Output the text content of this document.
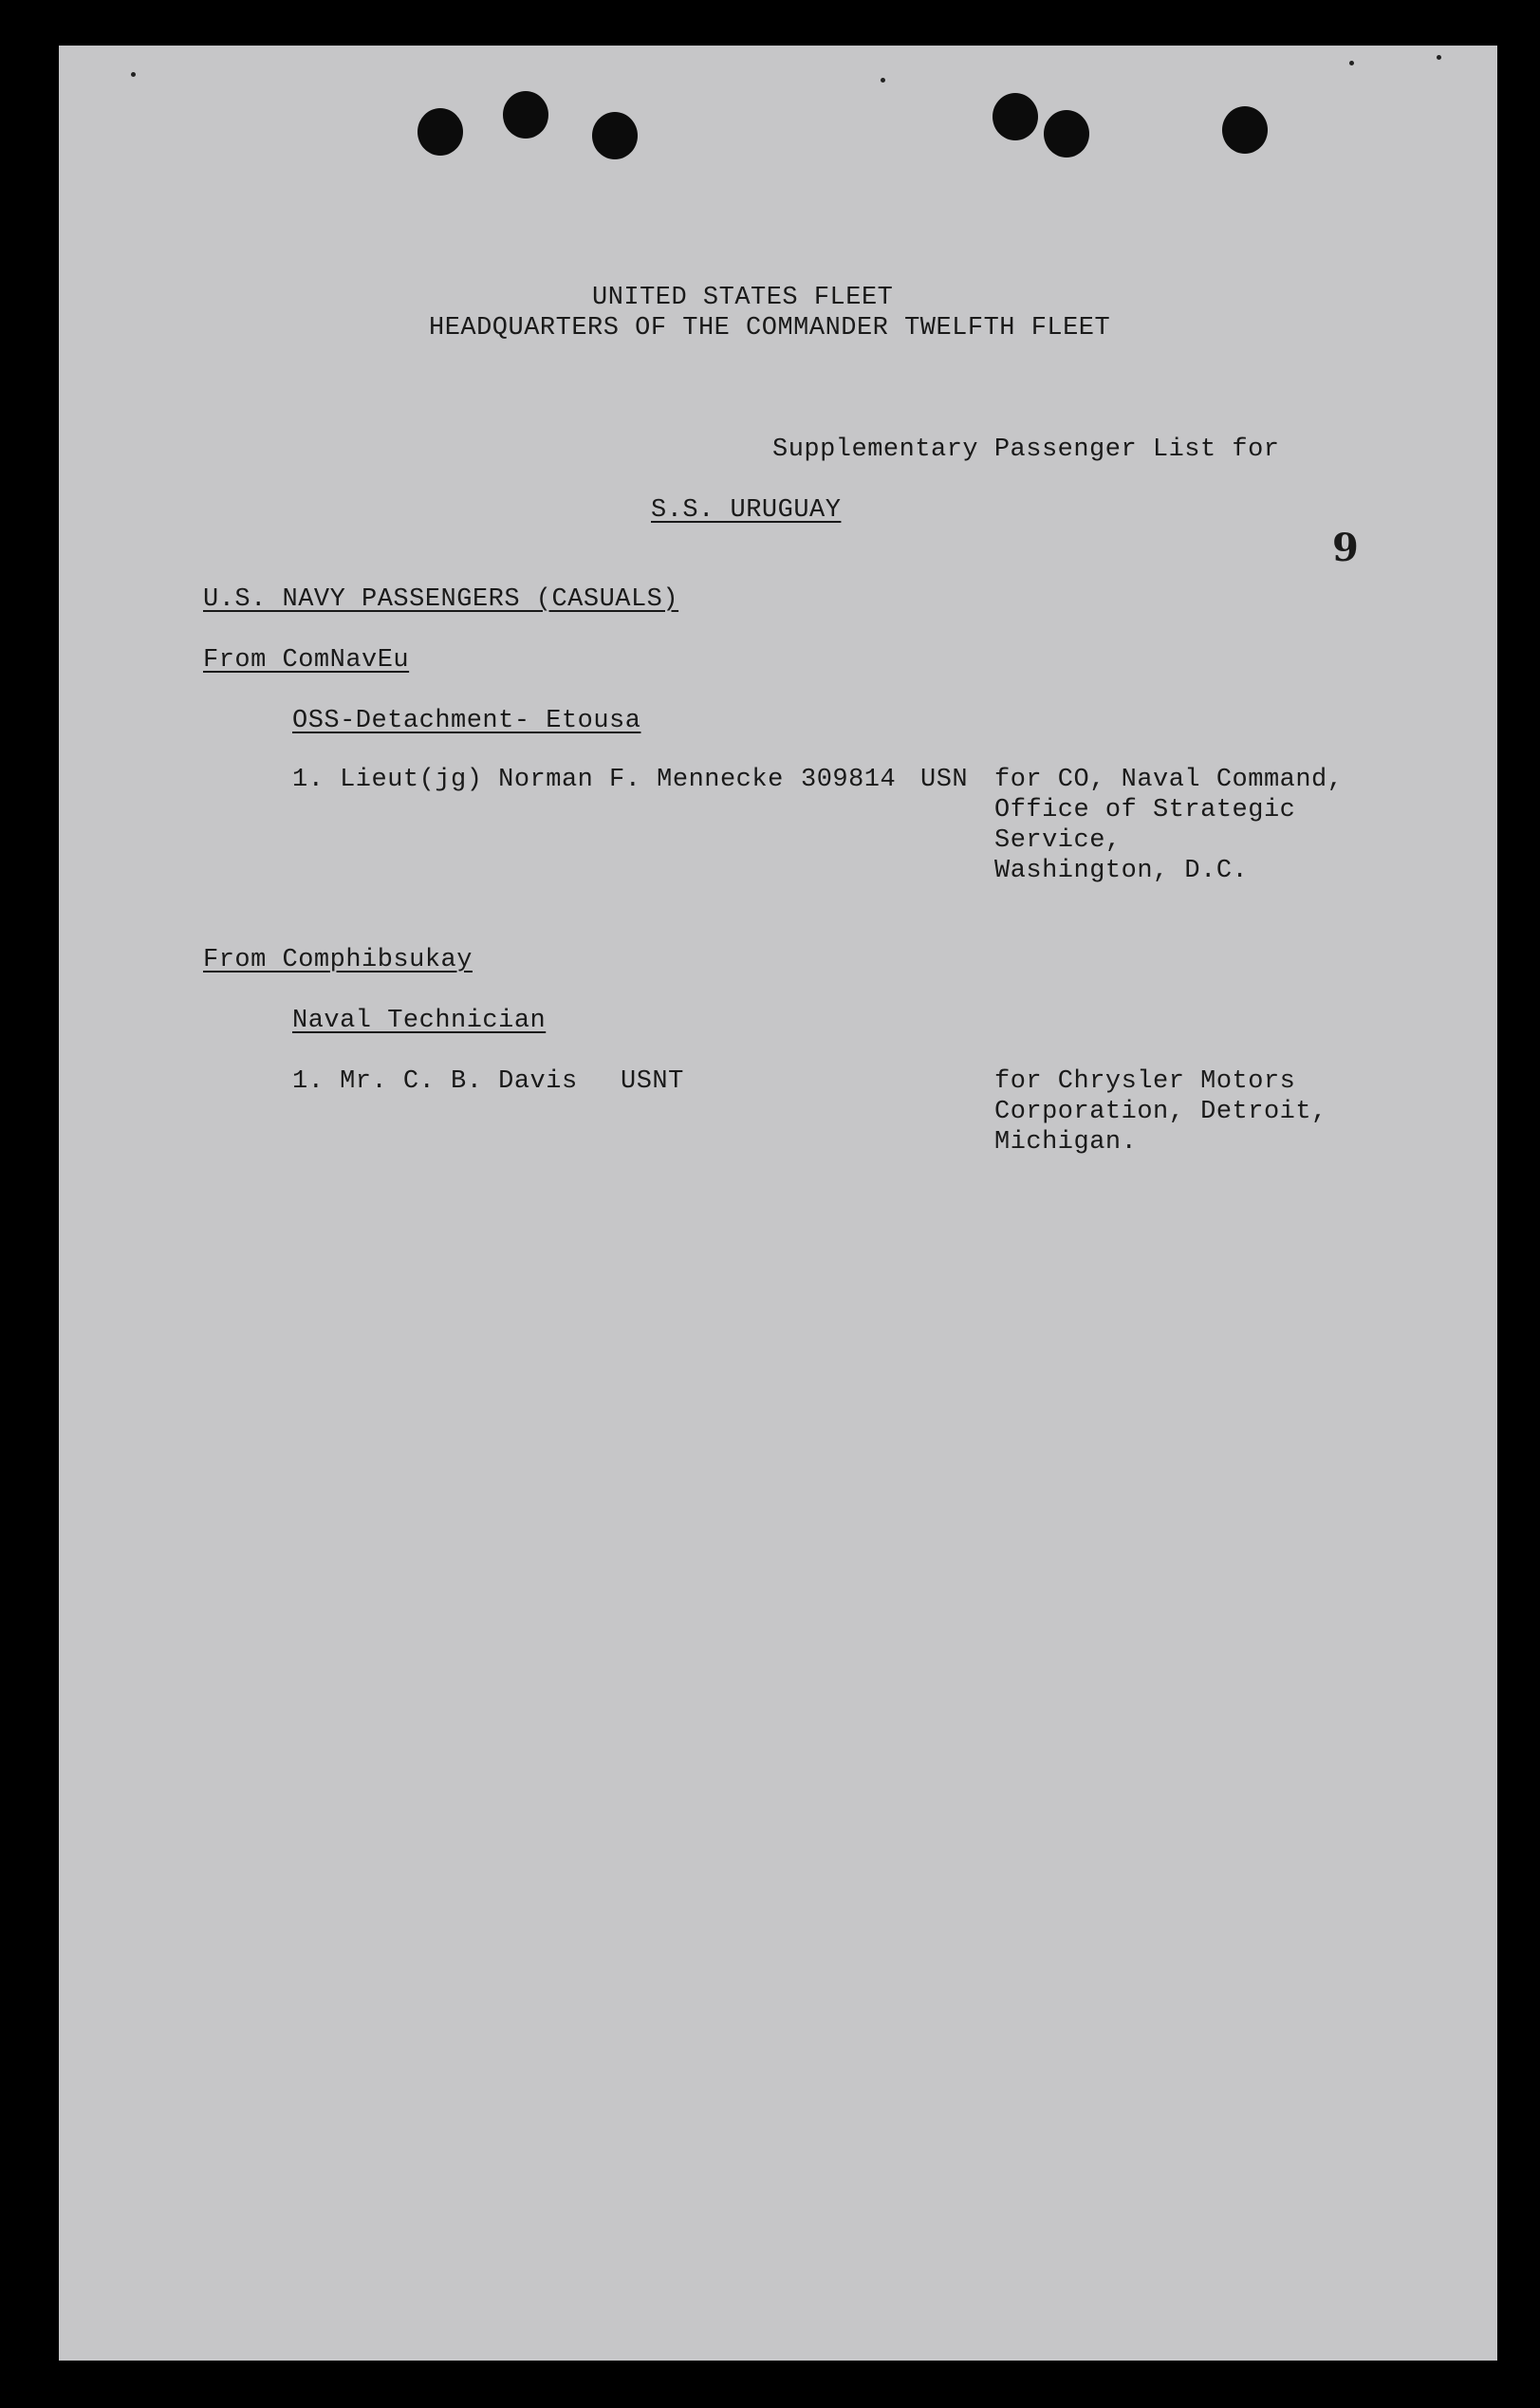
UNITED STATES FLEET
HEADQUARTERS OF THE COMMANDER TWELFTH FLEET
Supplementary Passenger List for
S.S. URUGUAY
9
U.S. NAVY PASSENGERS (CASUALS)
From ComNavEu
OSS-Detachment- Etousa
1. Lieut(jg) Norman F. Mennecke 309814 USN for CO, Naval Command,
Office of Strategic
Service,
Washington, D.C.
From Comphibsukay
Naval Technician
1. Mr. C. B. Davis USNT	for Chrysler Motors
Corporation, Detroit,
Michigan.
